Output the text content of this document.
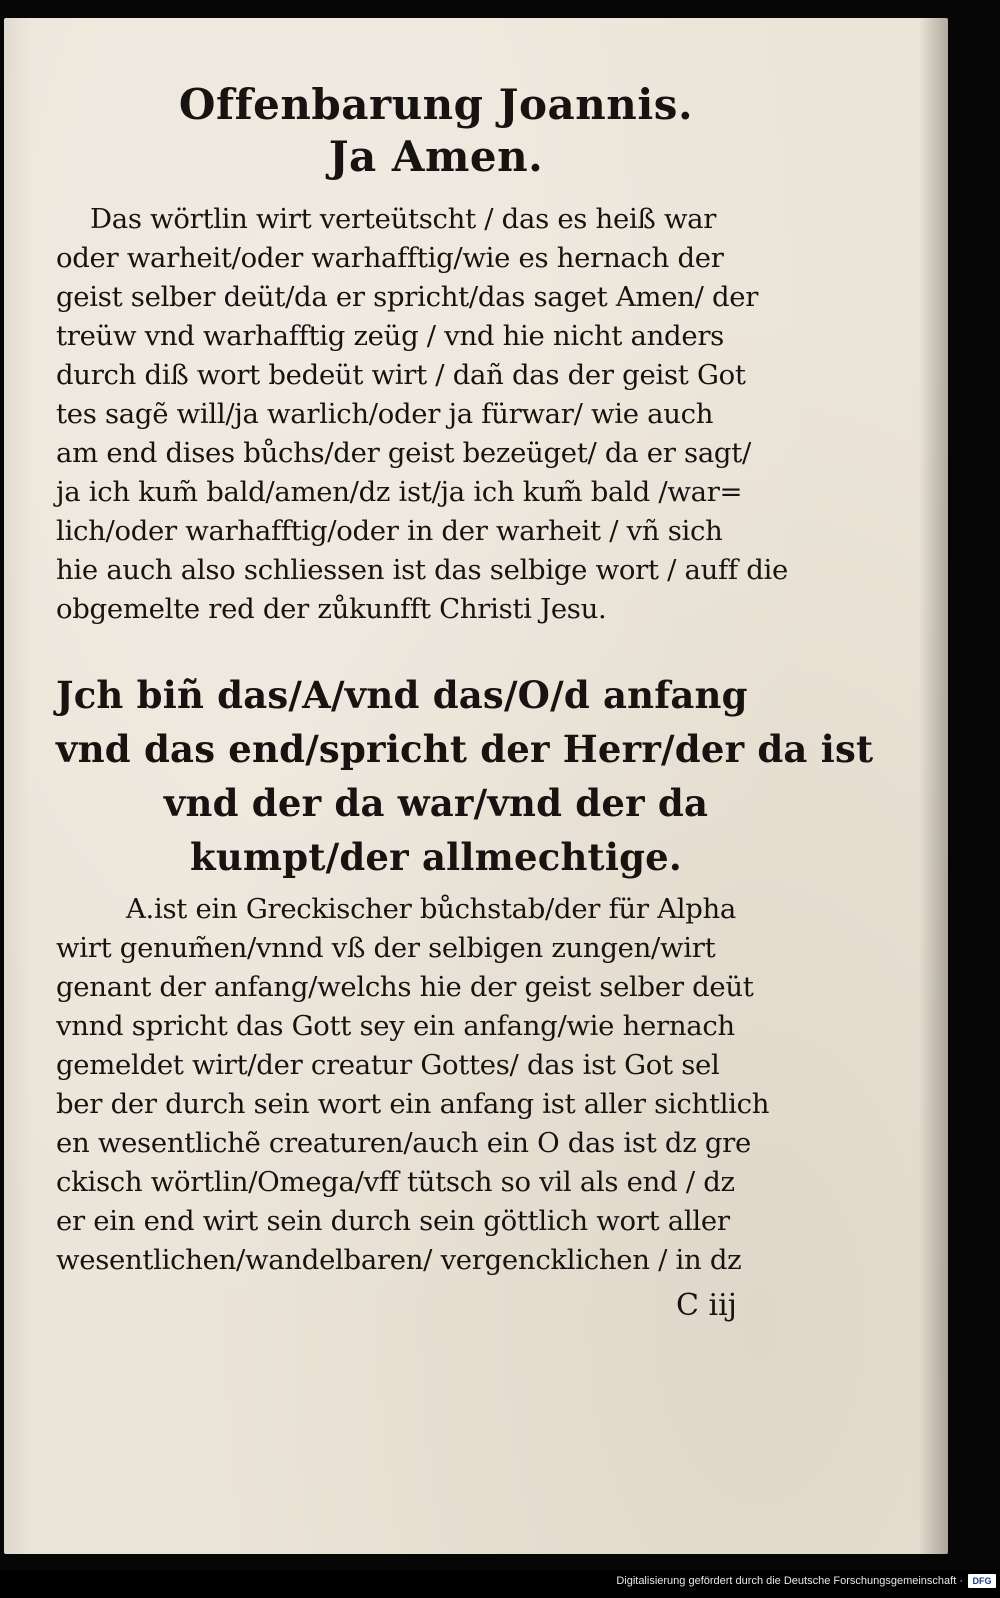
Offenbarung Joannis.
Ja Amen.
Das wörtlin wirt verteütscht / das es heiß war
oder warheit/oder warhafftig/wie es hernach der
geist selber deüt/da er spricht/das saget Amen/ der
treüw vnd warhafftig zeüg / vnd hie nicht anders
durch diß wort bedeüt wirt / dañ das der geist Got
tes sagẽ will/ja warlich/oder ja fürwar/ wie auch
am end dises bůchs/der geist bezeüget/ da er sagt/
ja ich kum̃ bald/amen/dz ist/ja ich kum̃ bald /war=
lich/oder warhafftig/oder in der warheit / vñ sich
hie auch also schliessen ist das selbige wort / auff die
obgemelte red der zůkunfft Christi Jesu.
Jch biñ das/A/vnd das/O/d anfang
vnd das end/spricht der Herr/der da ist
vnd der da war/vnd der da
kumpt/der allmechtige.
A.ist ein Greckischer bůchstab/der für Alpha
wirt genum̃en/vnnd vß der selbigen zungen/wirt
genant der anfang/welchs hie der geist selber deüt
vnnd spricht das Gott sey ein anfang/wie hernach
gemeldet wirt/der creatur Gottes/ das ist Got sel
ber der durch sein wort ein anfang ist aller sichtlich
en wesentlichẽ creaturen/auch ein O das ist dz gre
ckisch wörtlin/Omega/vff tütsch so vil als end / dz
er ein end wirt sein durch sein göttlich wort aller
wesentlichen/wandelbaren/ vergencklichen / in dz
C iij
Digitalisierung gefördert durch die Deutsche Forschungsgemeinschaft ·	DFG
